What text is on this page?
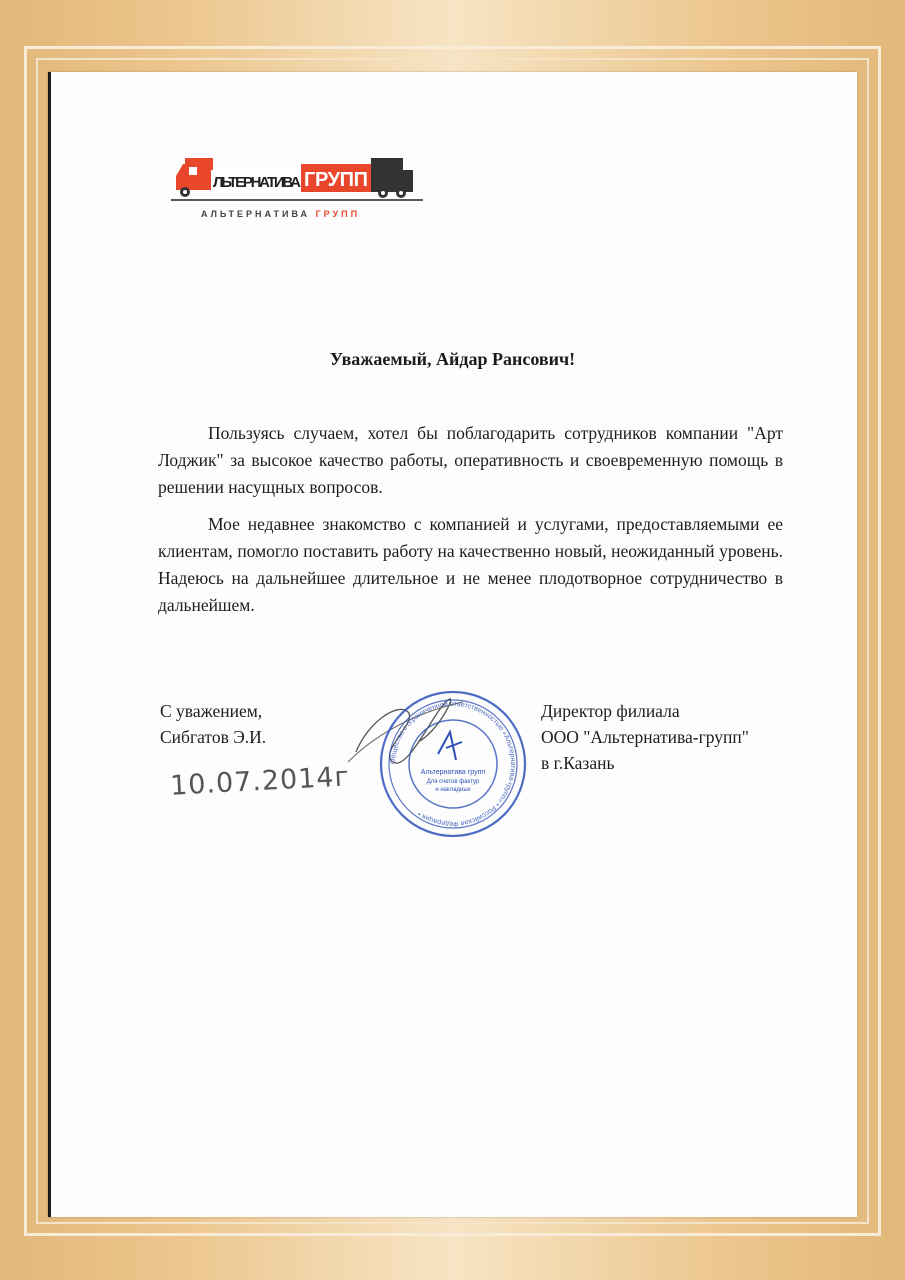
ЛЬТЕРНАТИВА ГРУПП
АЛЬТЕРНАТИВА ГРУПП
Уважаемый, Айдар Рансович!

Пользуясь случаем, хотел бы поблагодарить сотрудников компании "Арт Лоджик" за высокое качество работы, оперативность и своевременную помощь в решении насущных вопросов.

Мое недавнее знакомство с компанией и услугами, предоставляемыми ее клиентам, помогло поставить работу на качественно новый, неожиданный уровень. Надеюсь на дальнейшее длительное и не менее плодотворное сотрудничество в дальнейшем.

С уважением,
Сибгатов Э.И.
10.07.2014г
Общество с ограниченной ответственностью «Альтернатива-групп» • Российская Федерация •
Альтернатива групп
Для счетов фактур
и накладных
Директор филиала
ООО "Альтернатива-групп"
в г.Казань
